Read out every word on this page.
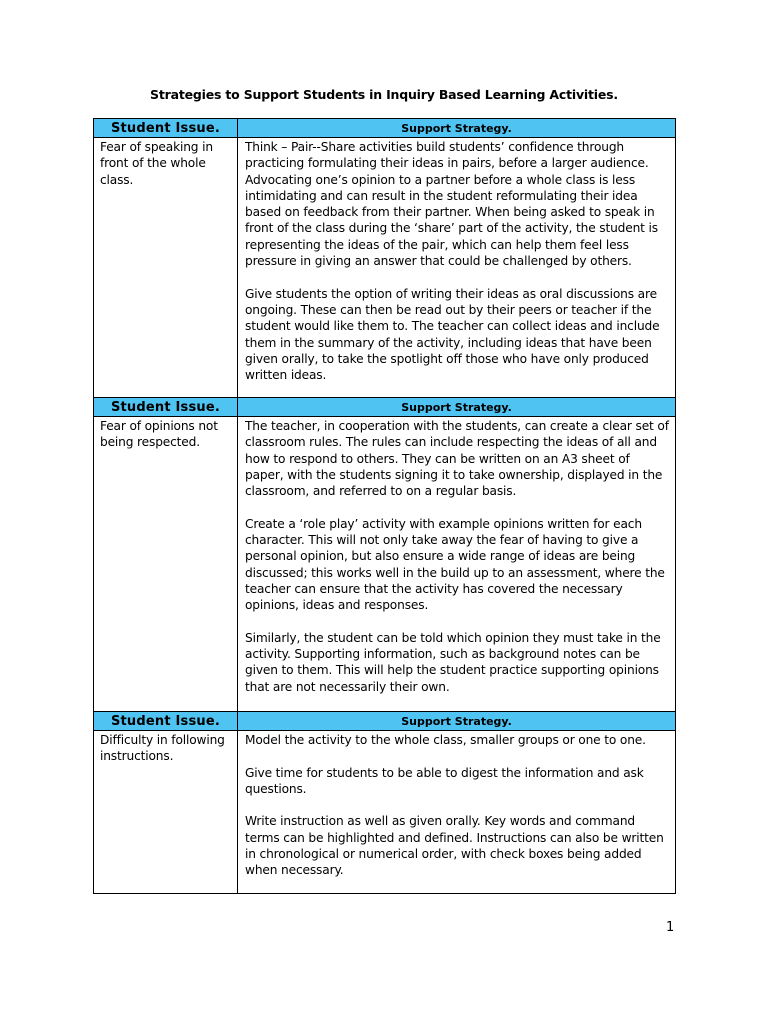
Strategies to Support Students in Inquiry Based Learning Activities.
Student Issue.	Support Strategy.

Fear of speaking in front of the whole class.	Think – Pair--Share activities build students’ confidence through practicing formulating their ideas in pairs, before a larger audience. Advocating one’s opinion to a partner before a whole class is less intimidating and can result in the student reformulating their idea based on feedback from their partner. When being asked to speak in front of the class during the ‘share’ part of the activity, the student is representing the ideas of the pair, which can help them feel less pressure in giving an answer that could be challenged by others.

Give students the option of writing their ideas as oral discussions are ongoing. These can then be read out by their peers or teacher if the student would like them to. The teacher can collect ideas and include them in the summary of the activity, including ideas that have been given orally, to take the spotlight off those who have only produced written ideas.

Student Issue.	Support Strategy.

Fear of opinions not being respected.	The teacher, in cooperation with the students, can create a clear set of classroom rules. The rules can include respecting the ideas of all and how to respond to others. They can be written on an A3 sheet of paper, with the students signing it to take ownership, displayed in the classroom, and referred to on a regular basis.

Create a ‘role play’ activity with example opinions written for each character. This will not only take away the fear of having to give a personal opinion, but also ensure a wide range of ideas are being discussed; this works well in the build up to an assessment, where the teacher can ensure that the activity has covered the necessary opinions, ideas and responses.

Similarly, the student can be told which opinion they must take in the activity. Supporting information, such as background notes can be given to them. This will help the student practice supporting opinions that are not necessarily their own.

Student Issue.	Support Strategy.

Difficulty in following instructions.	Model the activity to the whole class, smaller groups or one to one.

Give time for students to be able to digest the information and ask questions.

Write instruction as well as given orally. Key words and command terms can be highlighted and defined. Instructions can also be written in chronological or numerical order, with check boxes being added when necessary.

1
